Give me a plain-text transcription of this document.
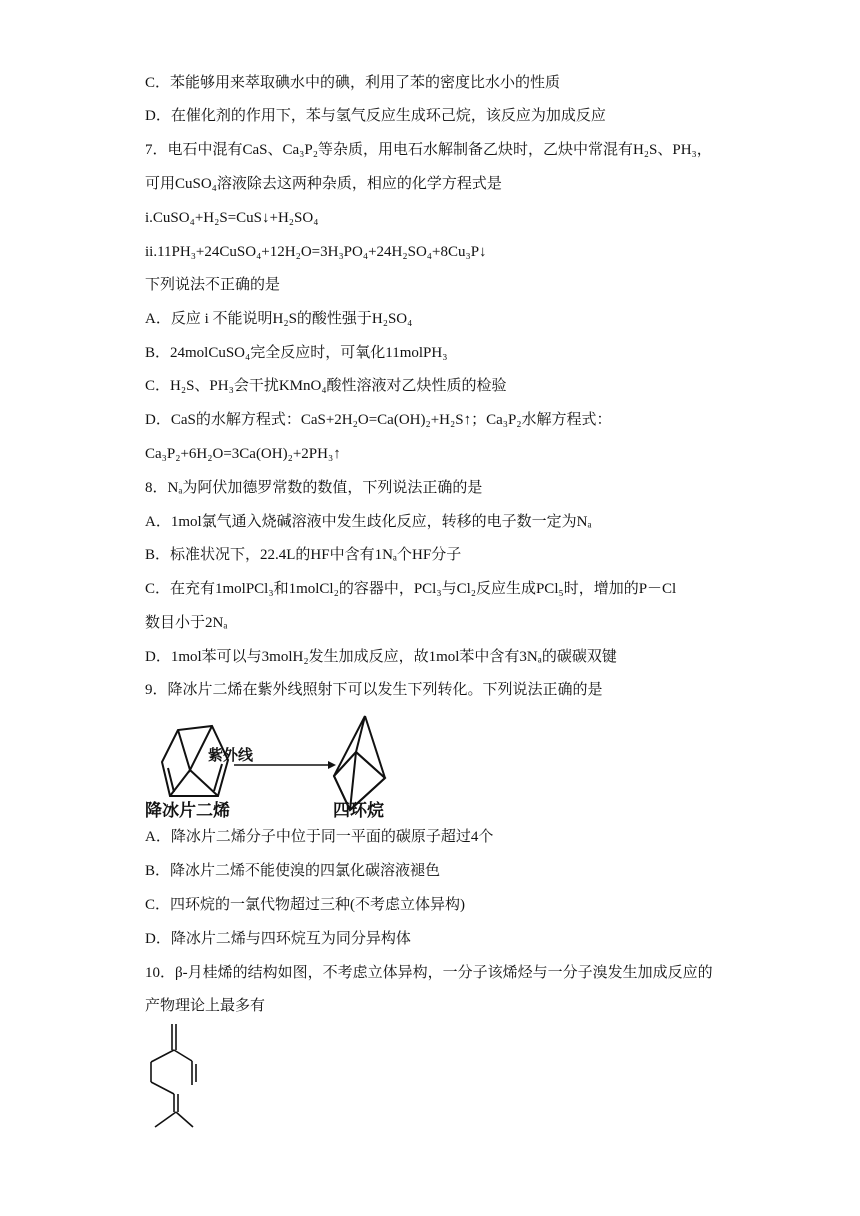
C．苯能够用来萃取碘水中的碘，利用了苯的密度比水小的性质
D．在催化剂的作用下，苯与氢气反应生成环己烷，该反应为加成反应
7．电石中混有CaS、Ca₃P₂等杂质，用电石水解制备乙炔时，乙炔中常混有H₂S、PH₃，
可用CuSO₄溶液除去这两种杂质，相应的化学方程式是
i.CuSO₄+H₂S=CuS↓+H₂SO₄
ii.11PH₃+24CuSO₄+12H₂O=3H₃PO₄+24H₂SO₄+8Cu₃P↓
下列说法不正确的是
A．反应 i 不能说明H₂S的酸性强于H₂SO₄
B．24molCuSO₄完全反应时，可氧化11molPH₃
C．H₂S、PH₃会干扰KMnO₄酸性溶液对乙炔性质的检验
D．CaS的水解方程式：CaS+2H₂O=Ca(OH)₂+H₂S↑；Ca₃P₂水解方程式：
Ca₃P₂+6H₂O=3Ca(OH)₂+2PH₃↑
8．Nₐ为阿伏加德罗常数的数值，下列说法正确的是
A．1mol氯气通入烧碱溶液中发生歧化反应，转移的电子数一定为Nₐ
B．标准状况下，22.4L的HF中含有1Nₐ个HF分子
C．在充有1molPCl₃和1molCl₂的容器中，PCl₃与Cl₂反应生成PCl₅时，增加的P－Cl
数目小于2Nₐ
D．1mol苯可以与3molH₂发生加成反应，故1mol苯中含有3Nₐ的碳碳双键
9．降冰片二烯在紫外线照射下可以发生下列转化。下列说法正确的是
紫外线
降冰片二烯	四环烷
A．降冰片二烯分子中位于同一平面的碳原子超过4个
B．降冰片二烯不能使溴的四氯化碳溶液褪色
C．四环烷的一氯代物超过三种(不考虑立体异构)
D．降冰片二烯与四环烷互为同分异构体
10．β-月桂烯的结构如图，不考虑立体异构，一分子该烯烃与一分子溴发生加成反应的
产物理论上最多有
